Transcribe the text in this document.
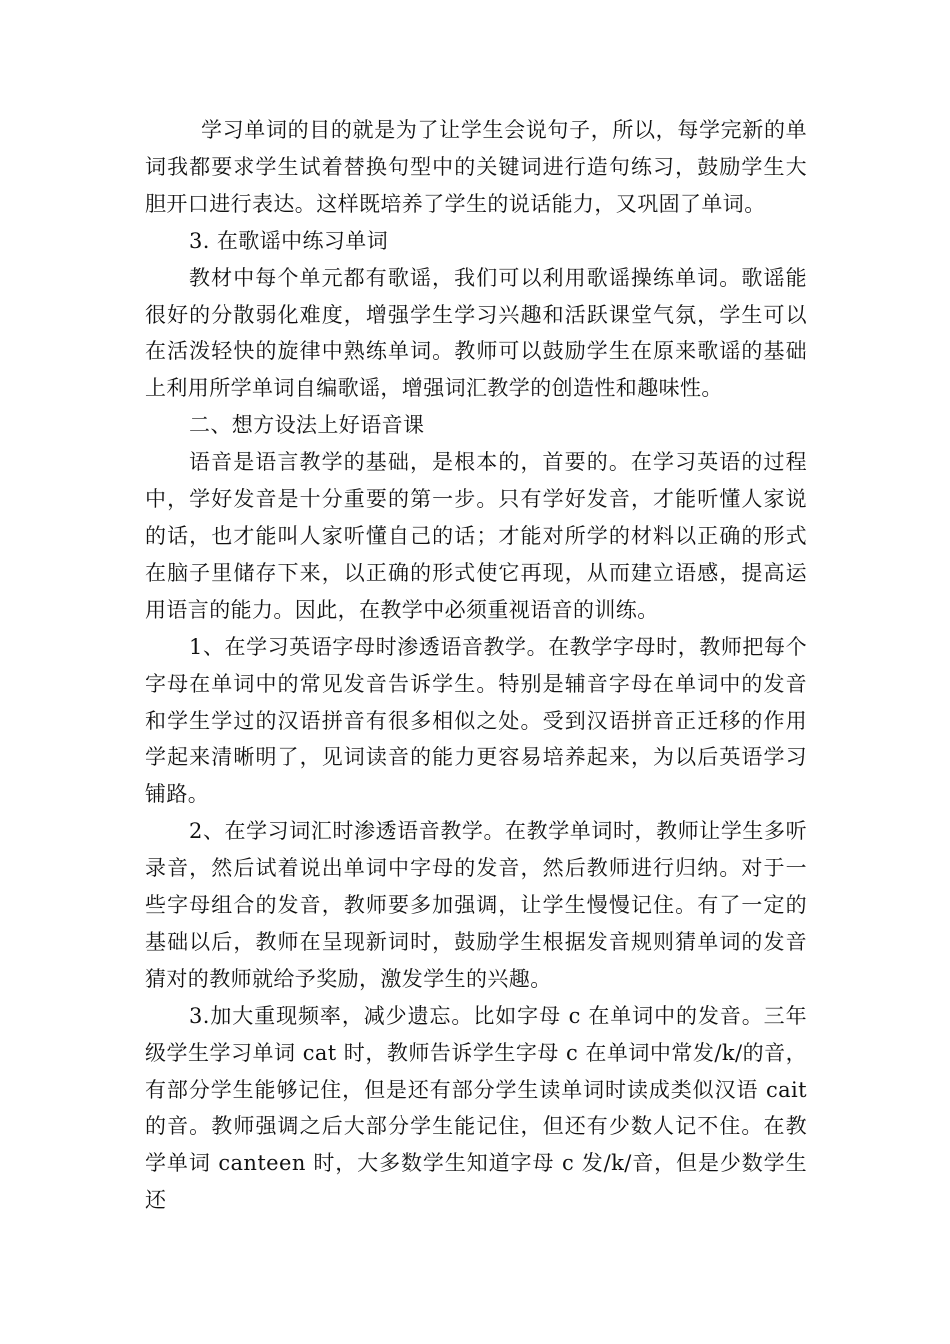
学习单词的目的就是为了让学生会说句子，所以，每学完新的单词我都要求学生试着替换句型中的关键词进行造句练习，鼓励学生大胆开口进行表达。这样既培养了学生的说话能力，又巩固了单词。

3. 在歌谣中练习单词

教材中每个单元都有歌谣，我们可以利用歌谣操练单词。歌谣能很好的分散弱化难度，增强学生学习兴趣和活跃课堂气氛，学生可以在活泼轻快的旋律中熟练单词。教师可以鼓励学生在原来歌谣的基础上利用所学单词自编歌谣，增强词汇教学的创造性和趣味性。

二、想方设法上好语音课

语音是语言教学的基础，是根本的，首要的。在学习英语的过程中，学好发音是十分重要的第一步。只有学好发音，才能听懂人家说的话，也才能叫人家听懂自己的话；才能对所学的材料以正确的形式在脑子里储存下来，以正确的形式使它再现，从而建立语感，提高运用语言的能力。因此，在教学中必须重视语音的训练。

1、在学习英语字母时渗透语音教学。在教学字母时，教师把每个字母在单词中的常见发音告诉学生。特别是辅音字母在单词中的发音和学生学过的汉语拼音有很多相似之处。受到汉语拼音正迁移的作用学起来清晰明了，见词读音的能力更容易培养起来，为以后英语学习铺路。

2、在学习词汇时渗透语音教学。在教学单词时，教师让学生多听录音，然后试着说出单词中字母的发音，然后教师进行归纳。对于一些字母组合的发音，教师要多加强调，让学生慢慢记住。有了一定的基础以后，教师在呈现新词时，鼓励学生根据发音规则猜单词的发音猜对的教师就给予奖励，激发学生的兴趣。

3.加大重现频率，减少遗忘。比如字母 c 在单词中的发音。三年级学生学习单词 cat 时，教师告诉学生字母 c 在单词中常发/k/的音，有部分学生能够记住，但是还有部分学生读单词时读成类似汉语 cait 的音。教师强调之后大部分学生能记住，但还有少数人记不住。在教学单词 canteen 时，大多数学生知道字母 c 发/k/音，但是少数学生还
